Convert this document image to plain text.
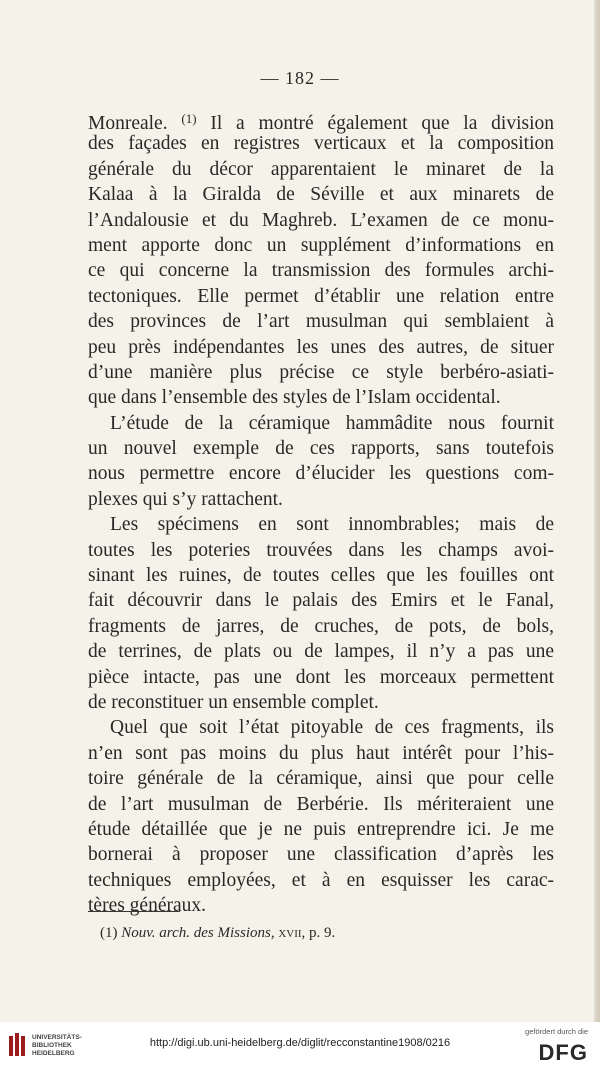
— 182 —
Monreale. $^{(1)}$ Il a montré également que la division
des façades en registres verticaux et la composition
générale du décor apparentaient le minaret de la
Kalaa à la Giralda de Séville et aux minarets de
l’Andalousie et du Maghreb. L’examen de ce monu-
ment apporte donc un supplément d’informations en
ce qui concerne la transmission des formules archi-
tectoniques. Elle permet d’établir une relation entre
des provinces de l’art musulman qui semblaient à
peu près indépendantes les unes des autres, de situer
d’une manière plus précise ce style berbéro-asiati-
que dans l’ensemble des styles de l’Islam occidental.
L’étude de la céramique hammâdite nous fournit
un nouvel exemple de ces rapports, sans toutefois
nous permettre encore d’élucider les questions com-
plexes qui s’y rattachent.
Les spécimens en sont innombrables; mais de
toutes les poteries trouvées dans les champs avoi-
sinant les ruines, de toutes celles que les fouilles ont
fait découvrir dans le palais des Emirs et le Fanal,
fragments de jarres, de cruches, de pots, de bols,
de terrines, de plats ou de lampes, il n’y a pas une
pièce intacte, pas une dont les morceaux permettent
de reconstituer un ensemble complet.
Quel que soit l’état pitoyable de ces fragments, ils
n’en sont pas moins du plus haut intérêt pour l’his-
toire générale de la céramique, ainsi que pour celle
de l’art musulman de Berbérie. Ils mériteraient une
étude détaillée que je ne puis entreprendre ici. Je me
bornerai à proposer une classification d’après les
techniques employées, et à en esquisser les carac-
tères généraux.
(1) Nouv. arch. des Missions, xvii, p. 9.
UNIVERSITÄTS-
BIBLIOTHEK
HEIDELBERG
http://digi.ub.uni-heidelberg.de/diglit/recconstantine1908/0216
gefördert durch die
DFG
